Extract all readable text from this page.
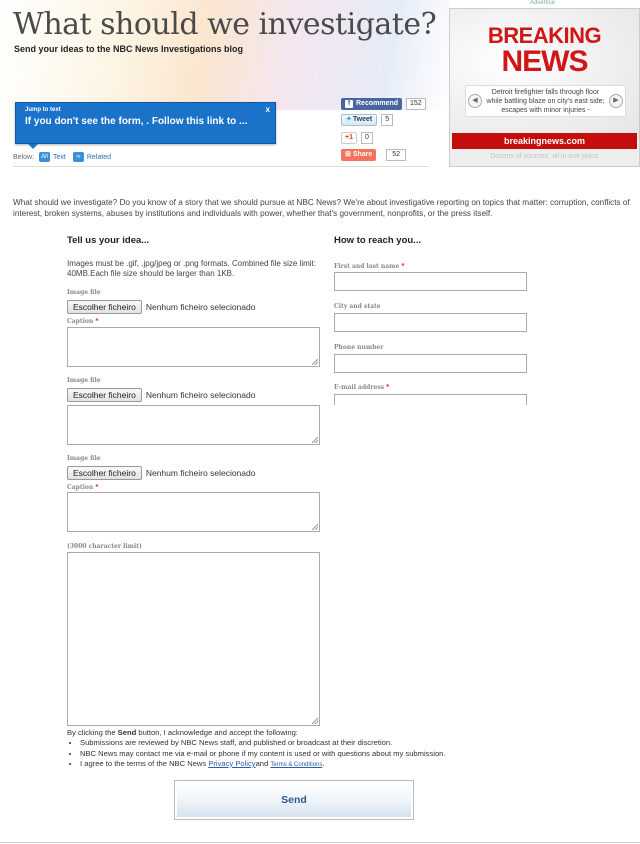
What should we investigate?
Send your ideas to the NBC News Investigations blog
Advertise
BREAKING
NEWS
◀
Detroit firefighter falls through floor while battling blaze on city's east side; escapes with minor injuries -
▶
breakingnews.com
Dozens of sources, all in one place
Jump to text	x
If you don't see the form, . Follow this link to ...
Below:	All Text	∞ Related
f Recommend	152
✦Tweet	5
+1	0
⊞ Share	52

What should we investigate? Do you know of a story that we should pursue at NBC News? We're about investigative reporting on topics that matter: corruption, conflicts of interest, broken systems, abuses by institutions and individuals with power, whether that's government, nonprofits, or the press itself.

Tell us your idea...
Images must be .gif, .jpg/jpeg or .png formats. Combined file size limit: 40MB.Each file size should be larger than 1KB.
Image file
Escolher ficheiro	Nenhum ficheiro selecionado
Caption *
Image file
Escolher ficheiro	Nenhum ficheiro selecionado
Image file
Escolher ficheiro	Nenhum ficheiro selecionado
Caption *
(3000 character limit)
How to reach you...
First and last name *
City and state
Phone number
E-mail address *

By clicking the Send button, I acknowledge and accept the following:

• Submissions are reviewed by NBC News staff, and published or broadcast at their discretion.
• NBC News may contact me via e-mail or phone if my content is used or with questions about my submission.
• I agree to the terms of the NBC News Privacy Policyand Terms & Conditions.
Send
